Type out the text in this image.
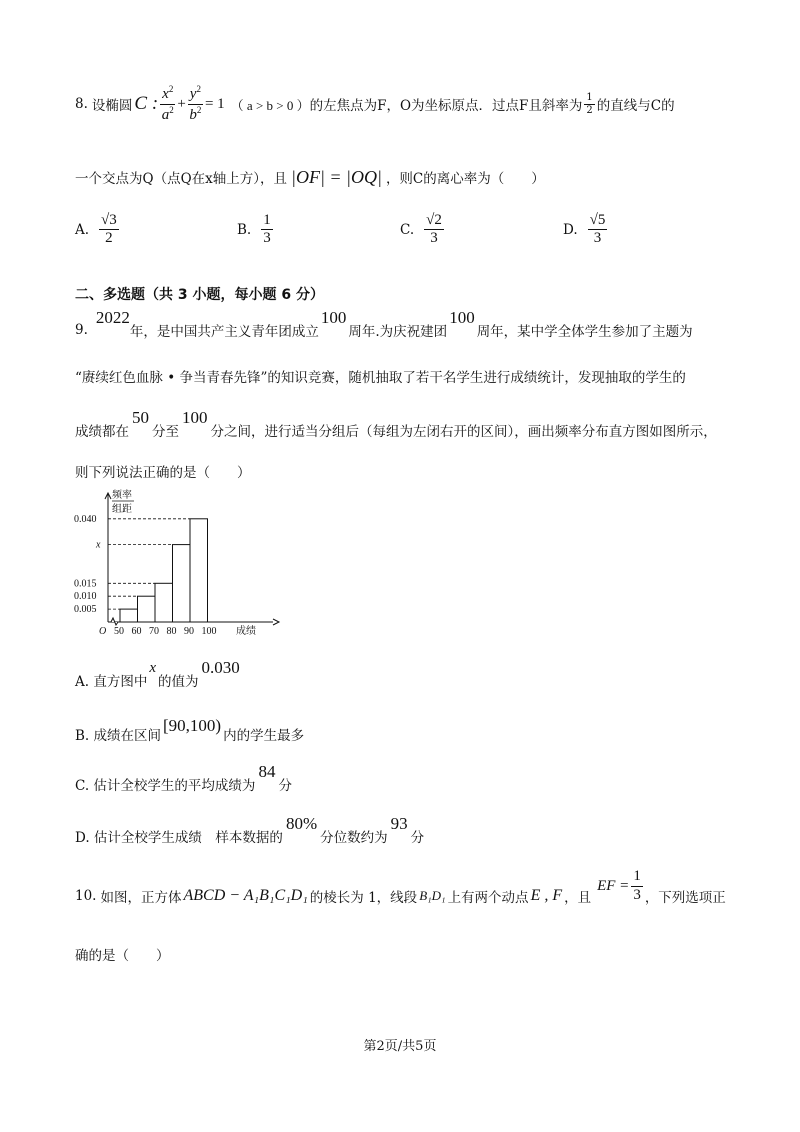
8. 设椭圆 C : $\frac{x^2}{a^2} + \frac{y^2}{b^2} = 1$ （ a > b > 0 ） 的左焦点为F，O为坐标原点．过点F且斜率为 $\frac{1}{2}$ 的直线与C的
一个交点为Q（点Q在x轴上方），且 |OF| = |OQ| ，则C的离心率为（　　）
A. $\frac{√3}{2}$	B. $\frac{1}{3}$	C. $\frac{√2}{3}$	D. $\frac{√5}{3}$
二、多选题（共 3 小题，每小题 6 分）
9.
2022
年，是中国共产主义青年团成立
100
周年.为庆祝建团
100
周年，某中学全体学生参加了主题为
“赓续红色血脉 • 争当青春先锋”的知识竞赛，随机抽取了若干名学生进行成绩统计，发现抽取的学生的
成绩都在
50
分至
100
分之间，进行适当分组后（每组为左闭右开的区间），画出频率分布直方图如图所示，
则下列说法正确的是（　　）
频率
组距
成绩
O 50 60 70 80 90 100
0.040
x
0.015
0.010
0.005
A. 直方图中
x
的值为
0.030
B. 成绩在区间
[90,100)
内的学生最多
C. 估计全校学生的平均成绩为
84
分
D. 估计全校学生成绩　样本数据的
80%
分位数约为
93
分
10. 如图，正方体 ABCD − A₁B₁C₁D₁ 的棱长为 1，线段 B₁D₁ 上有两个动点 E , F ，且
EF = $\frac{1}{3}$ ，下列选项正
确的是（　　）
第2页/共5页
